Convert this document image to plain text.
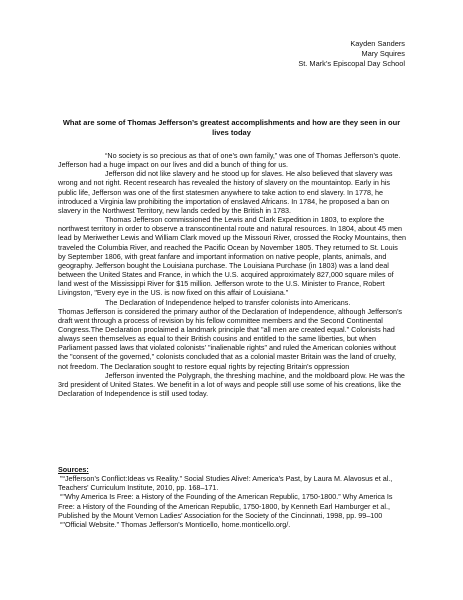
Kayden Sanders
Mary Squires
St. Mark’s Episcopal Day School
What are some of Thomas Jefferson’s greatest accomplishments and how are they seen in our lives today

“No society is so precious as that of one’s own family,” was one of Thomas Jefferson’s quote. Jefferson had a huge impact on our lives and did a bunch of thing for us.

Jefferson did not like slavery and he stood up for slaves. He also believed that slavery was wrong and not right. Recent research has revealed the history of slavery on the mountaintop. Early in his public life, Jefferson was one of the first statesmen anywhere to take action to end slavery. In 1778, he introduced a Virginia law prohibiting the importation of enslaved Africans. In 1784, he proposed a ban on slavery in the Northwest Territory, new lands ceded by the British in 1783.

Thomas Jefferson commissioned the Lewis and Clark Expedition in 1803, to explore the northwest territory in order to observe a transcontinental route and natural resources. In 1804, about 45 men lead by Meriwether Lewis and William Clark moved up the Missouri River, crossed the Rocky Mountains, then traveled the Columbia River, and reached the Pacific Ocean by November 1805. They returned to St. Louis by September 1806, with great fanfare and important information on native people, plants, animals, and geography. Jefferson bought the Louisiana purchase. The Louisiana Purchase (in 1803) was a land deal between the United States and France, in which the U.S. acquired approximately 827,000 square miles of land west of the Mississippi River for $15 million. Jefferson wrote to the U.S. Minister to France, Robert Livingston, "Every eye in the US. is now fixed on this affair of Louisiana."

The Declaration of Independence helped to transfer colonists into Americans.

Thomas Jefferson is considered the primary author of the Declaration of Independence, although Jefferson’s draft went through a process of revision by his fellow committee members and the Second Continental Congress.The Declaration proclaimed a landmark principle that "all men are created equal." Colonists had always seen themselves as equal to their British cousins and entitled to the same liberties, but when Parliament passed laws that violated colonists’ "inalienable rights" and ruled the American colonies without the "consent of the governed," colonists concluded that as a colonial master Britain was the land of cruelty, not freedom. The Declaration sought to restore equal rights by rejecting Britain's oppression

Jefferson invented the Polygraph, the threshing machine, and the moldboard plow. He was the 3rd president of United States. We benefit in a lot of ways and people still use some of his creations, like the Declaration of Independence is still used today.

Sources:
"“Jefferson’s Conflict:Ideas vs Reality.” Social Studies Alive!: America's Past, by Laura M. Alavosus et al., Teachers' Curriculum Institute, 2010, pp. 168–171.
“"Why America Is Free: a History of the Founding of the American Republic, 1750-1800.” Why America Is Free: a History of the Founding of the American Republic, 1750-1800, by Kenneth Earl Hamburger et al., Published by the Mount Vernon Ladies' Association for the Society of the Cincinnati, 1998, pp. 99–100
“"Official Website.” Thomas Jefferson's Monticello, home.monticello.org/.
